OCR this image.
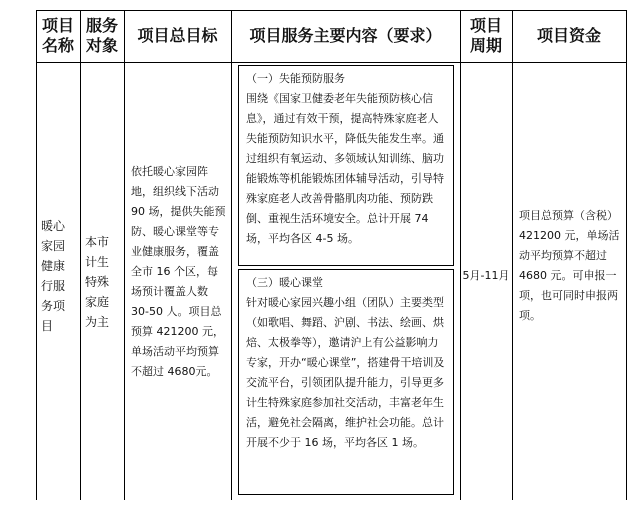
项目名称
服务对象
项目总目标	项目服务主要内容（要求）
项目周期
项目资金
暖心家园健康行服务项目
本市计生特殊家庭为主
依托暖心家园阵地，组织线下活动 90 场，提供失能预防、暖心课堂等专业健康服务，覆盖全市 16 个区，每场预计覆盖人数 30-50 人。项目总预算 421200 元，单场活动平均预算不超过 4680元。
（一）失能预防服务
围绕《国家卫健委老年失能预防核心信息》，通过有效干预，提高特殊家庭老人失能预防知识水平，降低失能发生率。通过组织有氧运动、多领域认知训练、脑功能锻炼等机能锻炼团体辅导活动，引导特殊家庭老人改善骨骼肌肉功能、预防跌倒、重视生活环境安全。总计开展 74 场，平均各区 4-5 场。
（三）暖心课堂
针对暖心家园兴趣小组（团队）主要类型（如歌唱、舞蹈、沪剧、书法、绘画、烘焙、太极拳等），邀请沪上有公益影响力专家，开办“暖心课堂”，搭建骨干培训及交流平台，引领团队提升能力，引导更多计生特殊家庭参加社交活动，丰富老年生活，避免社会隔离，维护社会功能。总计开展不少于 16 场，平均各区 1 场。
5月-11月
项目总预算（含税）421200 元，单场活动平均预算不超过 4680 元。可申报一项，也可同时申报两项。
